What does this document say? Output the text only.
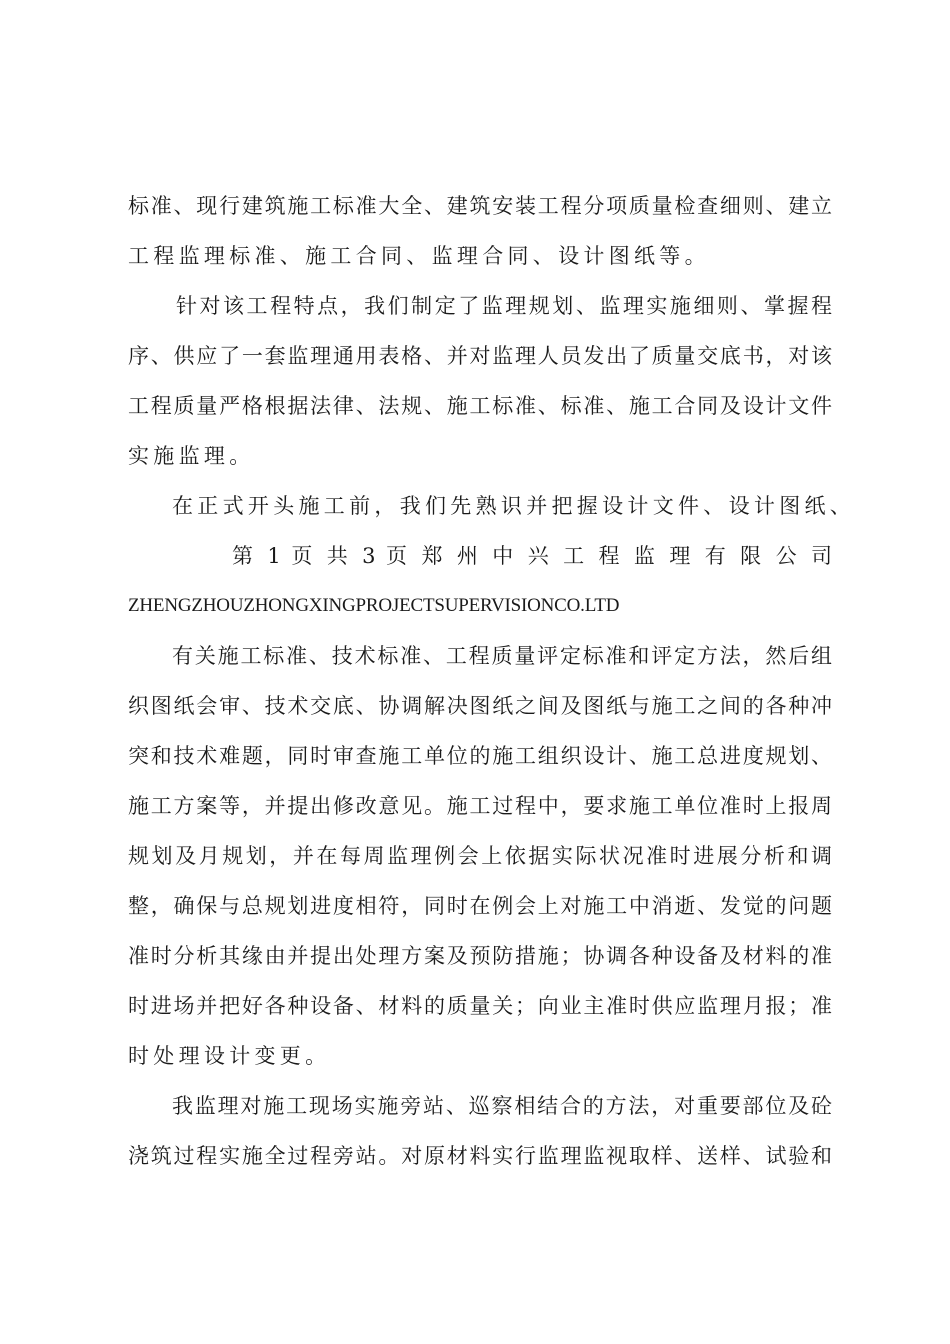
标准、现行建筑施工标准大全、建筑安装工程分项质量检查细则、建立
工程监理标准、施工合同、监理合同、设计图纸等。
针对该工程特点，我们制定了监理规划、监理实施细则、掌握程
序、供应了一套监理通用表格、并对监理人员发出了质量交底书，对该
工程质量严格根据法律、法规、施工标准、标准、施工合同及设计文件
实施监理。
在正式开头施工前，我们先熟识并把握设计文件、设计图纸、
第 1 页 共 3 页 郑 州 中 兴 工 程 监 理 有 限 公 司
ZHENGZHOUZHONGXINGPROJECTSUPERVISIONCO.LTD
有关施工标准、技术标准、工程质量评定标准和评定方法，然后组
织图纸会审、技术交底、协调解决图纸之间及图纸与施工之间的各种冲
突和技术难题，同时审查施工单位的施工组织设计、施工总进度规划、
施工方案等，并提出修改意见。施工过程中，要求施工单位准时上报周
规划及月规划，并在每周监理例会上依据实际状况准时进展分析和调
整，确保与总规划进度相符，同时在例会上对施工中消逝、发觉的问题
准时分析其缘由并提出处理方案及预防措施；协调各种设备及材料的准
时进场并把好各种设备、材料的质量关；向业主准时供应监理月报；准
时处理设计变更。
我监理对施工现场实施旁站、巡察相结合的方法，对重要部位及砼
浇筑过程实施全过程旁站。对原材料实行监理监视取样、送样、试验和
